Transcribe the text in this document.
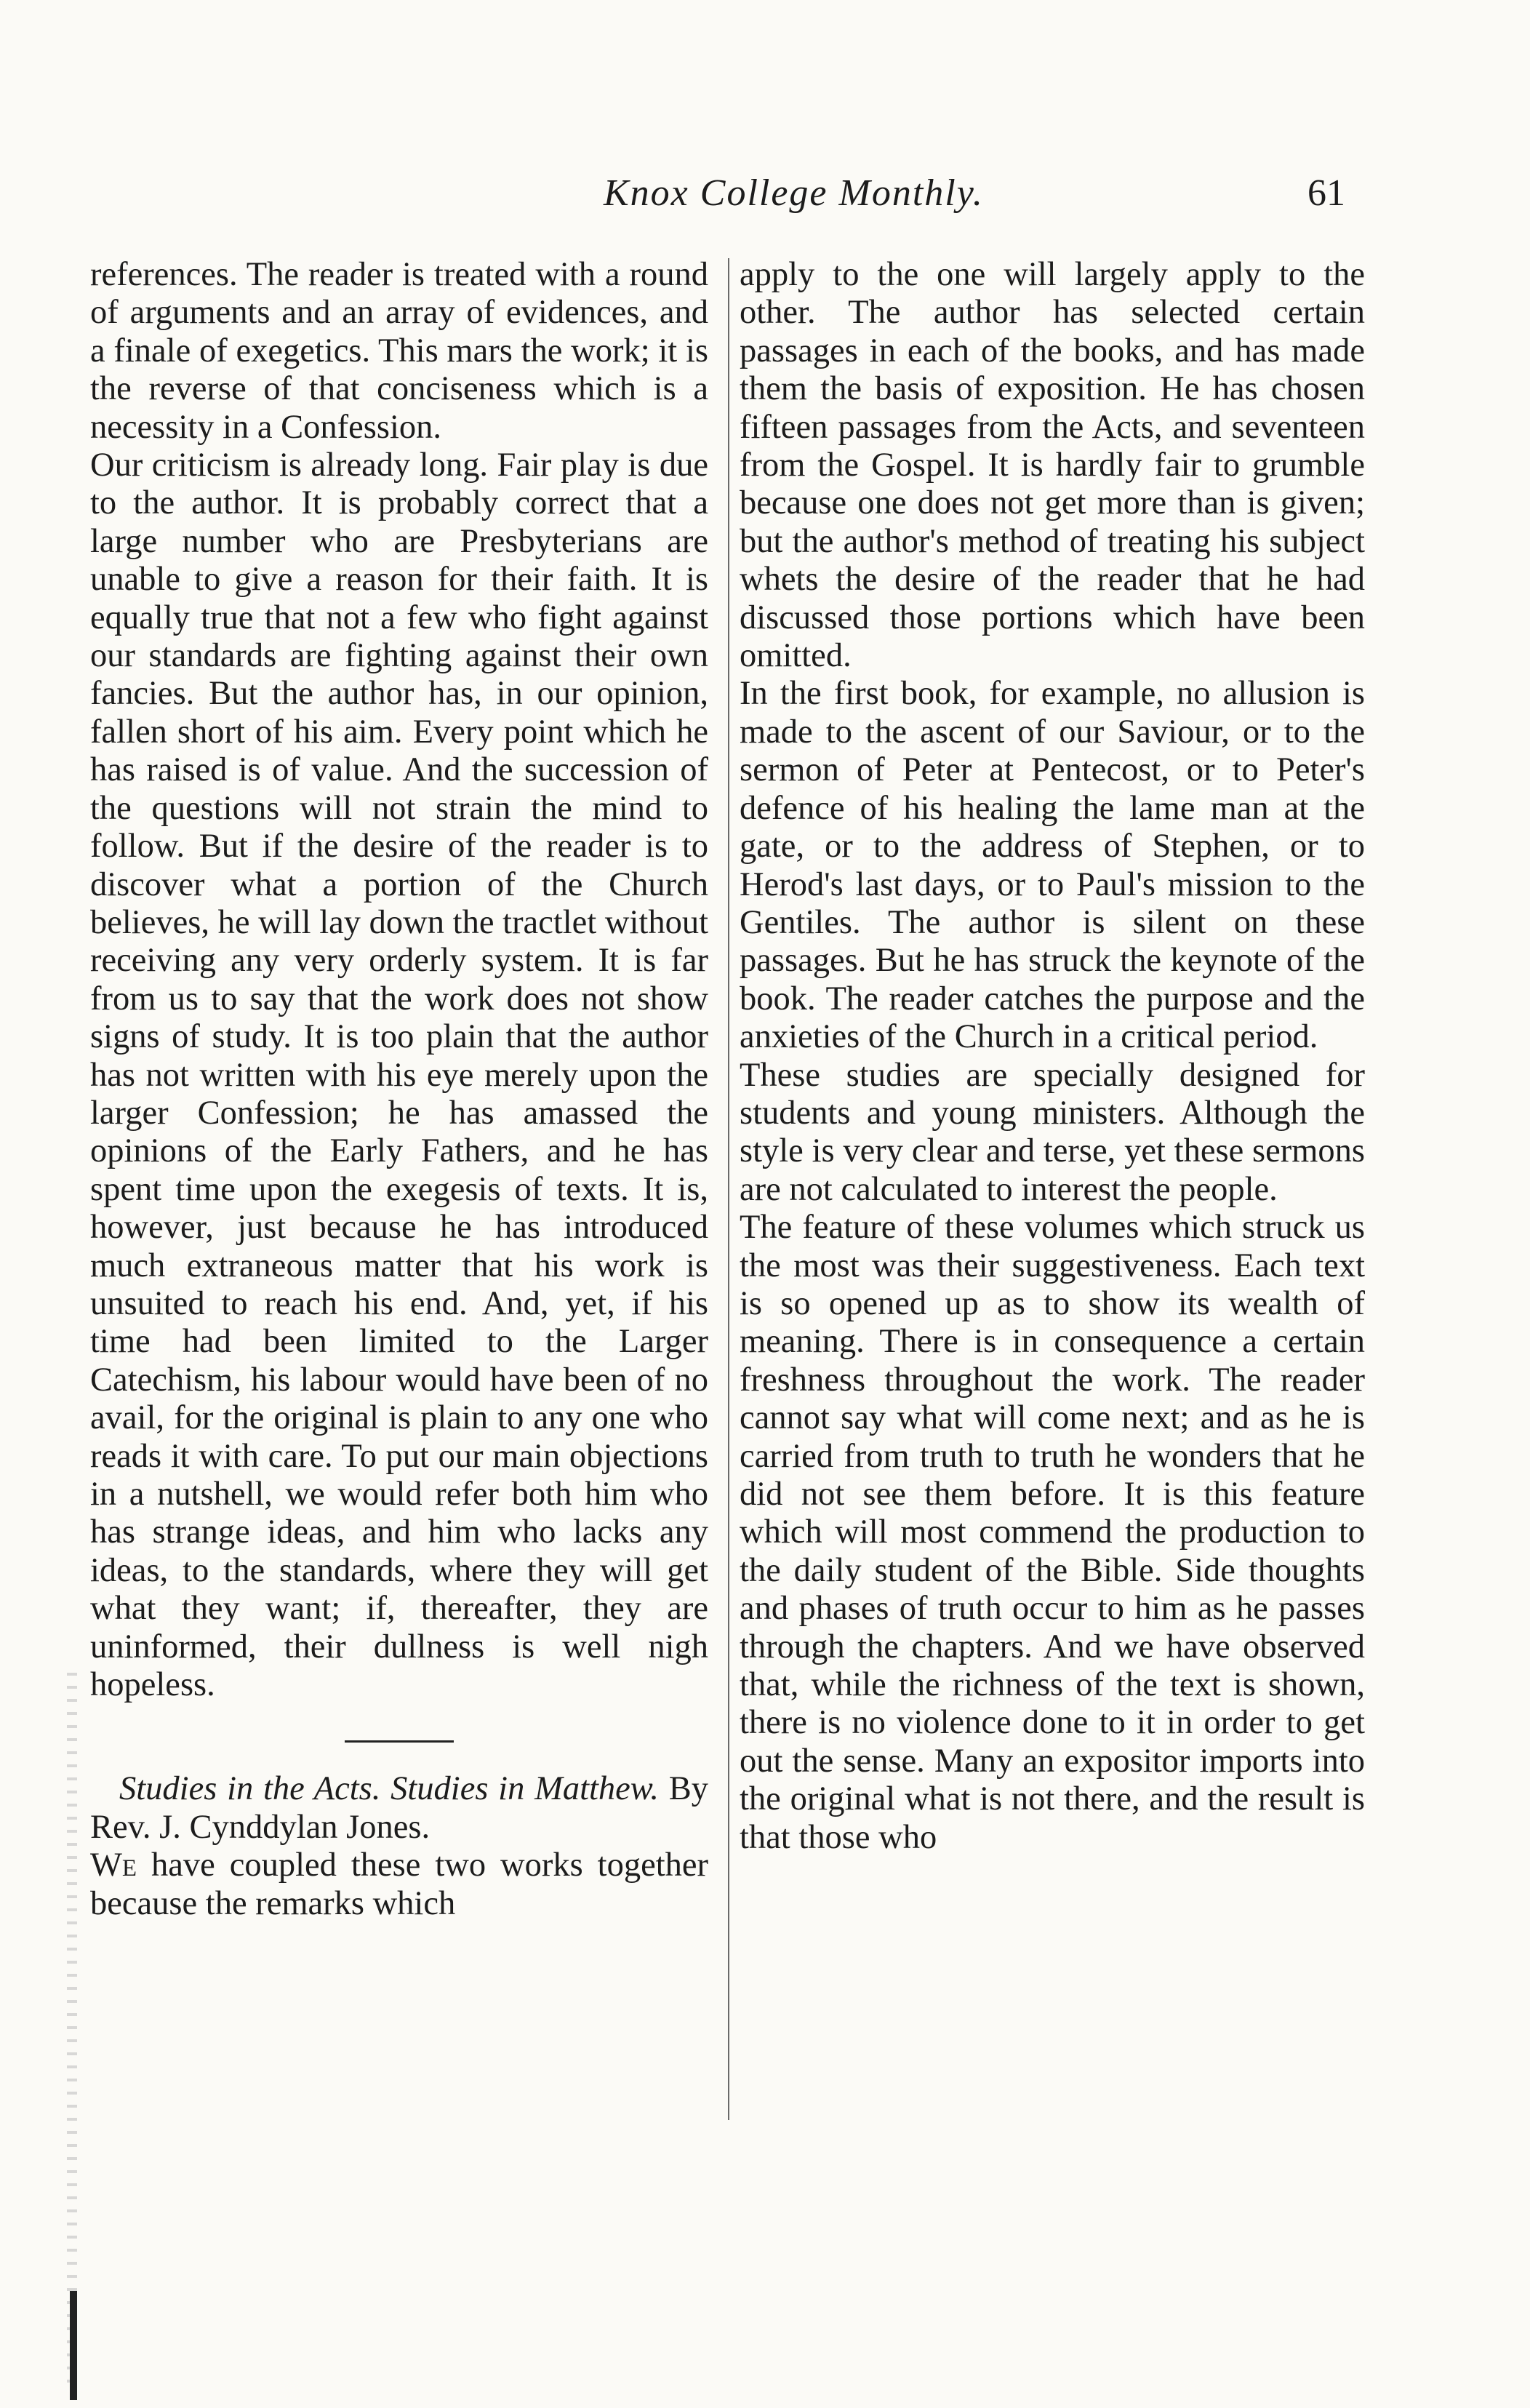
Knox College Monthly.	61

references. The reader is treated with a round of arguments and an array of evidences, and a finale of exegetics. This mars the work; it is the reverse of that conciseness which is a necessity in a Confession.

Our criticism is already long. Fair play is due to the author. It is probably correct that a large number who are Presbyterians are unable to give a reason for their faith. It is equally true that not a few who fight against our standards are fighting against their own fancies. But the author has, in our opinion, fallen short of his aim. Every point which he has raised is of value. And the succession of the questions will not strain the mind to follow. But if the desire of the reader is to discover what a portion of the Church believes, he will lay down the tractlet without receiving any very orderly system. It is far from us to say that the work does not show signs of study. It is too plain that the author has not written with his eye merely upon the larger Confession; he has amassed the opinions of the Early Fathers, and he has spent time upon the exegesis of texts. It is, however, just because he has introduced much extraneous matter that his work is unsuited to reach his end. And, yet, if his time had been limited to the Larger Catechism, his labour would have been of no avail, for the original is plain to any one who reads it with care. To put our main objections in a nutshell, we would refer both him who has strange ideas, and him who lacks any ideas, to the standards, where they will get what they want; if, thereafter, they are uninformed, their dullness is well nigh hopeless.

Studies in the Acts. Studies in Matthew. By Rev. J. Cynddylan Jones.

We have coupled these two works together because the remarks which

apply to the one will largely apply to the other. The author has selected certain passages in each of the books, and has made them the basis of exposition. He has chosen fifteen passages from the Acts, and seventeen from the Gospel. It is hardly fair to grumble because one does not get more than is given; but the author's method of treating his subject whets the desire of the reader that he had discussed those portions which have been omitted.

In the first book, for example, no allusion is made to the ascent of our Saviour, or to the sermon of Peter at Pentecost, or to Peter's defence of his healing the lame man at the gate, or to the address of Stephen, or to Herod's last days, or to Paul's mission to the Gentiles. The author is silent on these passages. But he has struck the keynote of the book. The reader catches the purpose and the anxieties of the Church in a critical period.

These studies are specially designed for students and young ministers. Although the style is very clear and terse, yet these sermons are not calculated to interest the people.

The feature of these volumes which struck us the most was their suggestiveness. Each text is so opened up as to show its wealth of meaning. There is in consequence a certain freshness throughout the work. The reader cannot say what will come next; and as he is carried from truth to truth he wonders that he did not see them before. It is this feature which will most commend the production to the daily student of the Bible. Side thoughts and phases of truth occur to him as he passes through the chapters. And we have observed that, while the richness of the text is shown, there is no violence done to it in order to get out the sense. Many an expositor imports into the original what is not there, and the result is that those who
